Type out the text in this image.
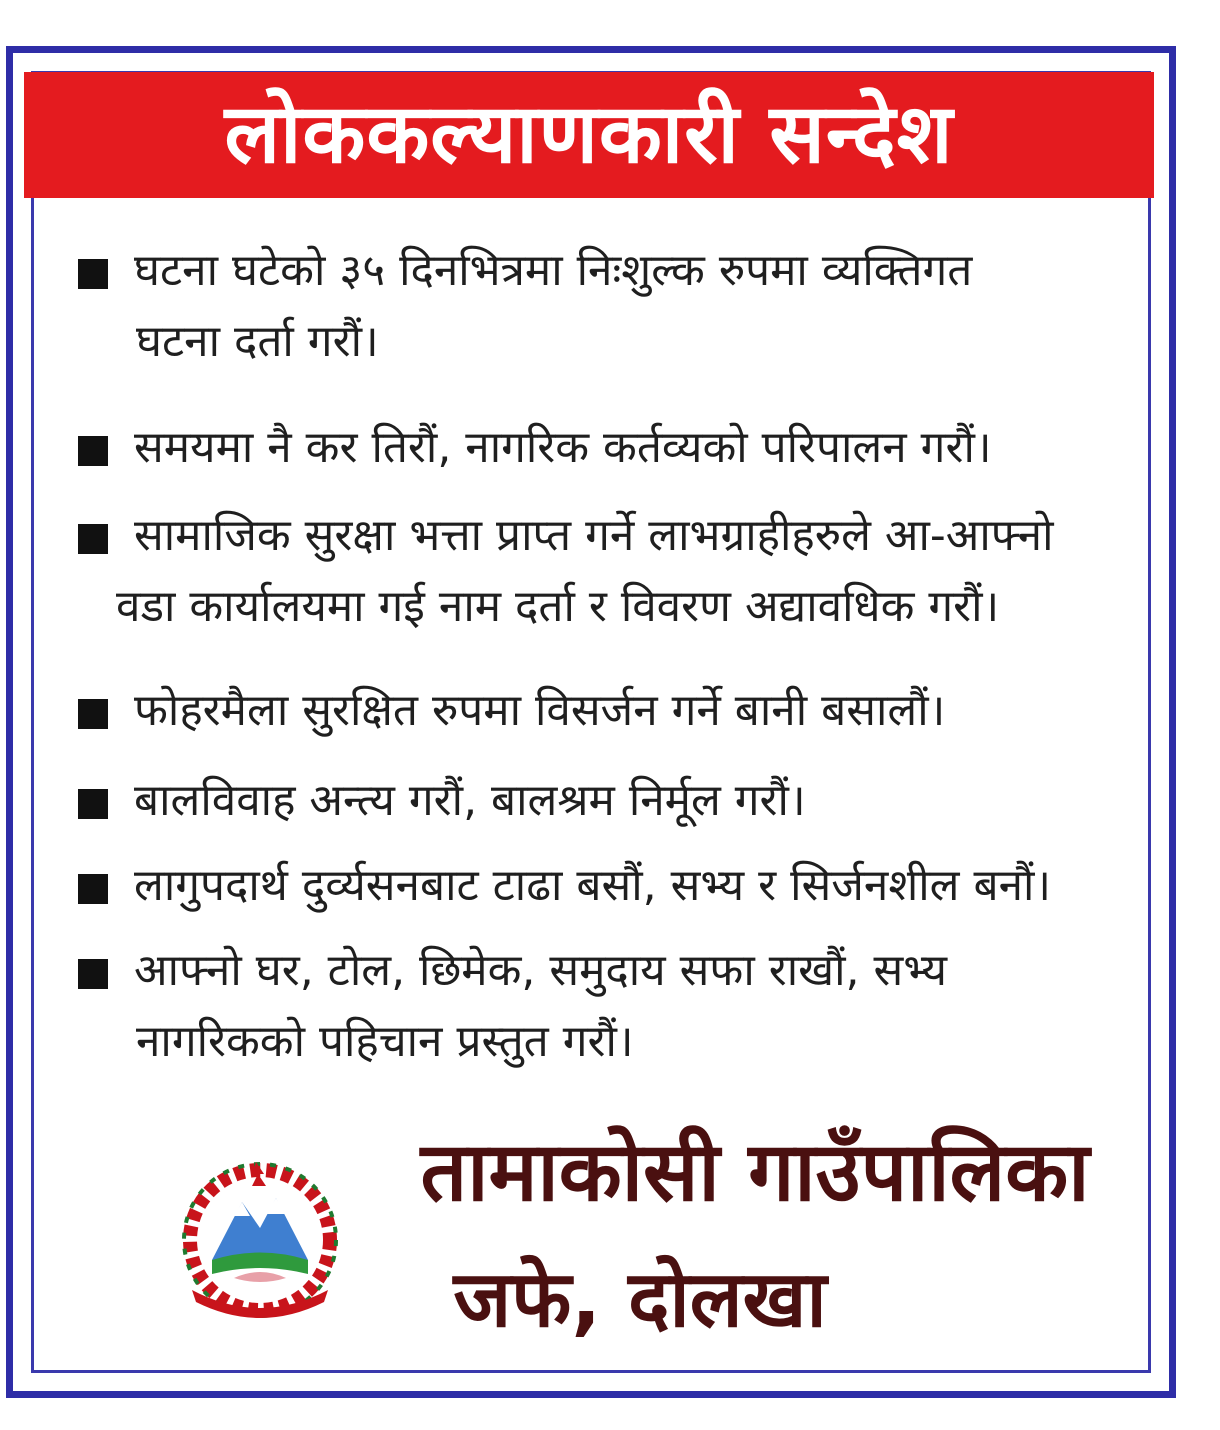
लोककल्याणकारी सन्देश
घटना घटेको ३५ दिनभित्रमा निःशुल्क रुपमा व्यक्तिगत
घटना दर्ता गरौं।
समयमा नै कर तिरौं, नागरिक कर्तव्यको परिपालन गरौं।
सामाजिक सुरक्षा भत्ता प्राप्त गर्ने लाभग्राहीहरुले आ-आफ्नो
वडा कार्यालयमा गई नाम दर्ता र विवरण अद्यावधिक गरौं।
फोहरमैला सुरक्षित रुपमा विसर्जन गर्ने बानी बसालौं।
बालविवाह अन्त्य गरौं, बालश्रम निर्मूल गरौं।
लागुपदार्थ दुर्व्यसनबाट टाढा बसौं, सभ्य र सिर्जनशील बनौं।
आफ्नो घर, टोल, छिमेक, समुदाय सफा राखौं, सभ्य
नागरिकको पहिचान प्रस्तुत गरौं।
तामाकोसी गाउँपालिका
जफे, दोलखा
